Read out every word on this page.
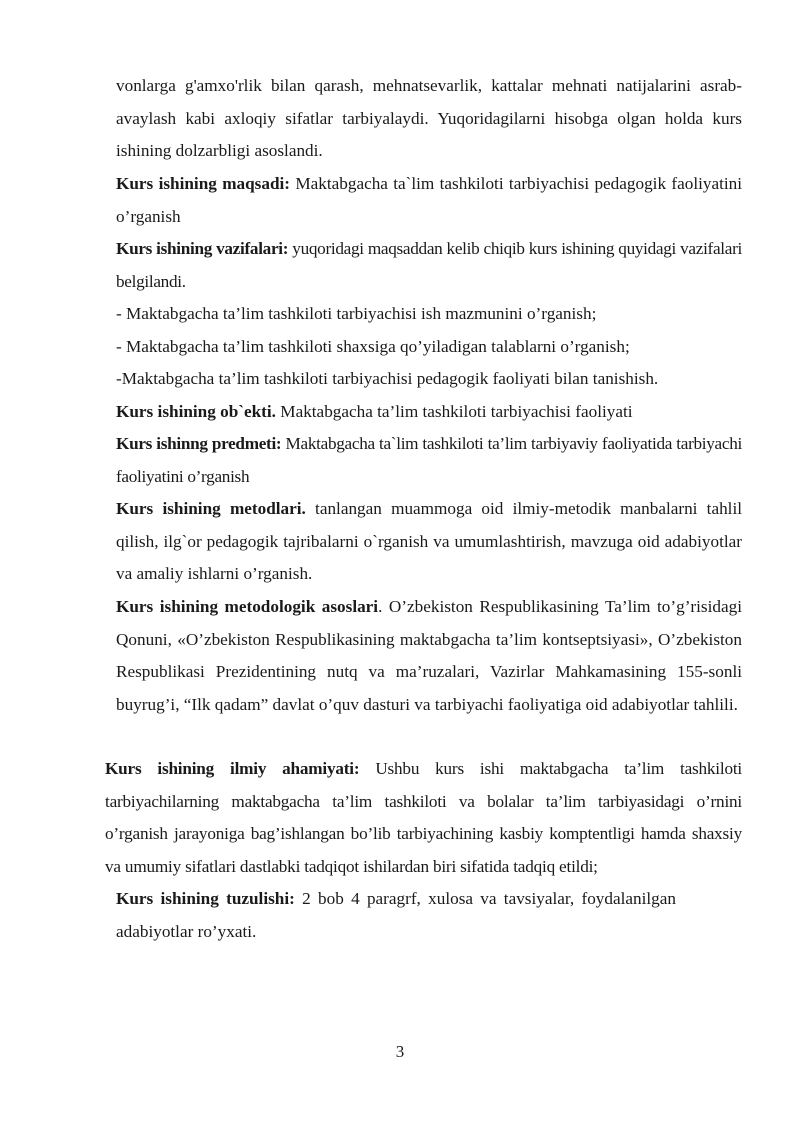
vonlarga g'amxo'rlik bilan qarash, mehnatsevarlik, kattalar mehnati natijalarini asrab-avaylash kabi axloqiy sifatlar tarbiyalaydi. Yuqoridagilarni hisobga olgan holda kurs ishining dolzarbligi asoslandi.

Kurs ishining maqsadi: Maktabgacha ta`lim tashkiloti tarbiyachisi pedagogik faoliyatini o’rganish

Kurs ishining vazifalari: yuqoridagi maqsaddan kelib chiqib kurs ishining quyidagi vazifalari belgilandi.

- Maktabgacha ta’lim tashkiloti tarbiyachisi ish mazmunini o’rganish;

- Maktabgacha ta’lim tashkiloti shaxsiga qo’yiladigan talablarni o’rganish;

-Maktabgacha ta’lim tashkiloti tarbiyachisi pedagogik faoliyati bilan tanishish.

Kurs ishining ob`ekti. Maktabgacha ta’lim tashkiloti tarbiyachisi faoliyati

Kurs ishinng predmeti: Maktabgacha ta`lim tashkiloti ta’lim tarbiyaviy faoliyatida tarbiyachi faoliyatini o’rganish

Kurs ishining metodlari. tanlangan muammoga oid ilmiy-metodik manbalarni tahlil qilish, ilg`or pedagogik tajribalarni o`rganish va umumlashtirish, mavzuga oid adabiyotlar va amaliy ishlarni o’rganish.

Kurs ishining metodologik asoslari. O’zbekiston Respublikasining Ta’lim to’g’risidagi Qonuni, «O’zbekiston Respublikasining maktabgacha ta’lim kontseptsiyasi», O’zbekiston Respublikasi Prezidentining nutq va ma’ruzalari, Vazirlar Mahkamasining 155-sonli buyrug’i, “Ilk qadam” davlat o’quv dasturi va tarbiyachi faoliyatiga oid adabiyotlar tahlili.

Kurs ishining ilmiy ahamiyati: Ushbu kurs ishi maktabgacha ta’lim tashkiloti tarbiyachilarning maktabgacha ta’lim tashkiloti va bolalar ta’lim tarbiyasidagi o’rnini o’rganish jarayoniga bag’ishlangan bo’lib tarbiyachining kasbiy komptentligi hamda shaxsiy va umumiy sifatlari dastlabki tadqiqot ishilardan biri sifatida tadqiq etildi;

Kurs ishining tuzulishi: 2 bob 4 paragrf, xulosa va tavsiyalar, foydalanilgan adabiyotlar ro’yxati.

3
